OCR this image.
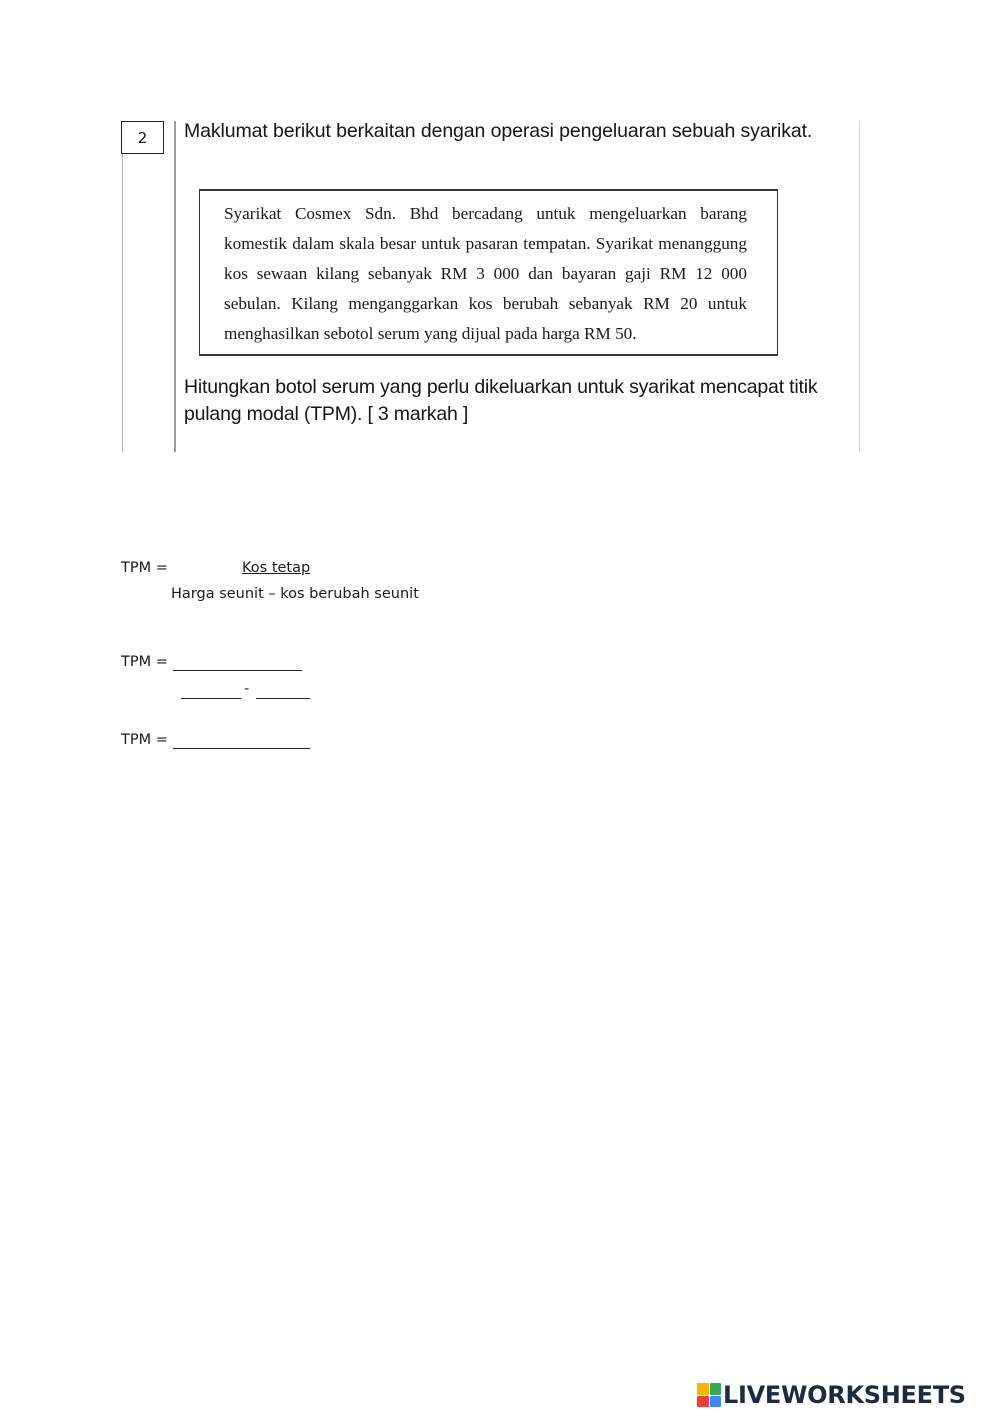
2	Maklumat berikut berkaitan dengan operasi pengeluaran sebuah syarikat.
Syarikat Cosmex Sdn. Bhd bercadang untuk mengeluarkan barang komestik dalam skala besar untuk pasaran tempatan. Syarikat menanggung kos sewaan kilang sebanyak RM 3 000 dan bayaran gaji RM 12 000 sebulan. Kilang menganggarkan kos berubah sebanyak RM 20 untuk menghasilkan sebotol serum yang dijual pada harga RM 50.
Hitungkan botol serum yang perlu dikeluarkan untuk syarikat mencapat titik pulang modal (TPM). [ 3 markah ]
TPM =	Kos tetap
Harga seunit – kos berubah seunit
TPM =
-
TPM =
LIVEWORKSHEETS
